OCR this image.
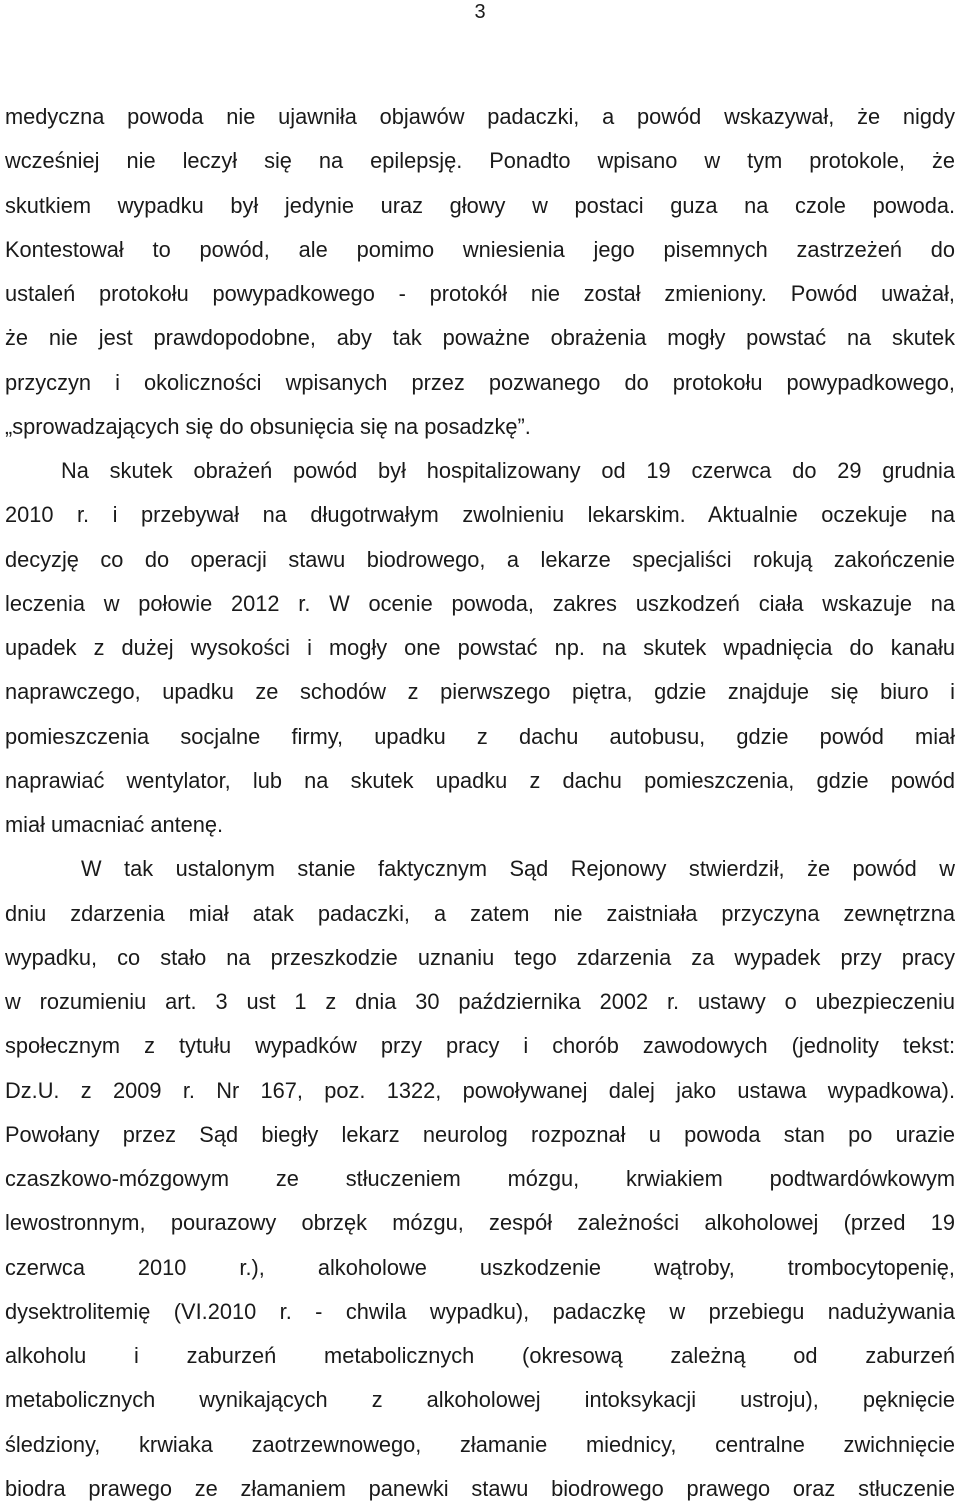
3
medyczna powoda nie ujawniła objawów padaczki, a powód wskazywał, że nigdy
wcześniej nie leczył się na epilepsję. Ponadto wpisano w tym protokole, że
skutkiem wypadku był jedynie uraz głowy w postaci guza na czole powoda.
Kontestował to powód, ale pomimo wniesienia jego pisemnych zastrzeżeń do
ustaleń protokołu powypadkowego - protokół nie został zmieniony. Powód uważał,
że nie jest prawdopodobne, aby tak poważne obrażenia mogły powstać na skutek
przyczyn i okoliczności wpisanych przez pozwanego do protokołu powypadkowego,
„sprowadzających się do obsunięcia się na posadzkę”.
Na skutek obrażeń powód był hospitalizowany od 19 czerwca do 29 grudnia
2010 r. i przebywał na długotrwałym zwolnieniu lekarskim. Aktualnie oczekuje na
decyzję co do operacji stawu biodrowego, a lekarze specjaliści rokują zakończenie
leczenia w połowie 2012 r. W ocenie powoda, zakres uszkodzeń ciała wskazuje na
upadek z dużej wysokości i mogły one powstać np. na skutek wpadnięcia do kanału
naprawczego, upadku ze schodów z pierwszego piętra, gdzie znajduje się biuro i
pomieszczenia socjalne firmy, upadku z dachu autobusu, gdzie powód miał
naprawiać wentylator, lub na skutek upadku z dachu pomieszczenia, gdzie powód
miał umacniać antenę.
W tak ustalonym stanie faktycznym Sąd Rejonowy stwierdził, że powód w
dniu zdarzenia miał atak padaczki, a zatem nie zaistniała przyczyna zewnętrzna
wypadku, co stało na przeszkodzie uznaniu tego zdarzenia za wypadek przy pracy
w rozumieniu art. 3 ust 1 z dnia 30 października 2002 r. ustawy o ubezpieczeniu
społecznym z tytułu wypadków przy pracy i chorób zawodowych (jednolity tekst:
Dz.U. z 2009 r. Nr 167, poz. 1322, powoływanej dalej jako ustawa wypadkowa).
Powołany przez Sąd biegły lekarz neurolog rozpoznał u powoda stan po urazie
czaszkowo-mózgowym ze stłuczeniem mózgu, krwiakiem podtwardówkowym
lewostronnym, pourazowy obrzęk mózgu, zespół zależności alkoholowej (przed 19
czerwca 2010 r.), alkoholowe uszkodzenie wątroby, trombocytopenię,
dysektrolitemię (VI.2010 r. - chwila wypadku), padaczkę w przebiegu nadużywania
alkoholu i zaburzeń metabolicznych (okresową zależną od zaburzeń
metabolicznych wynikających z alkoholowej intoksykacji ustroju), pęknięcie
śledziony, krwiaka zaotrzewnowego, złamanie miednicy, centralne zwichnięcie
biodra prawego ze złamaniem panewki stawu biodrowego prawego oraz stłuczenie
